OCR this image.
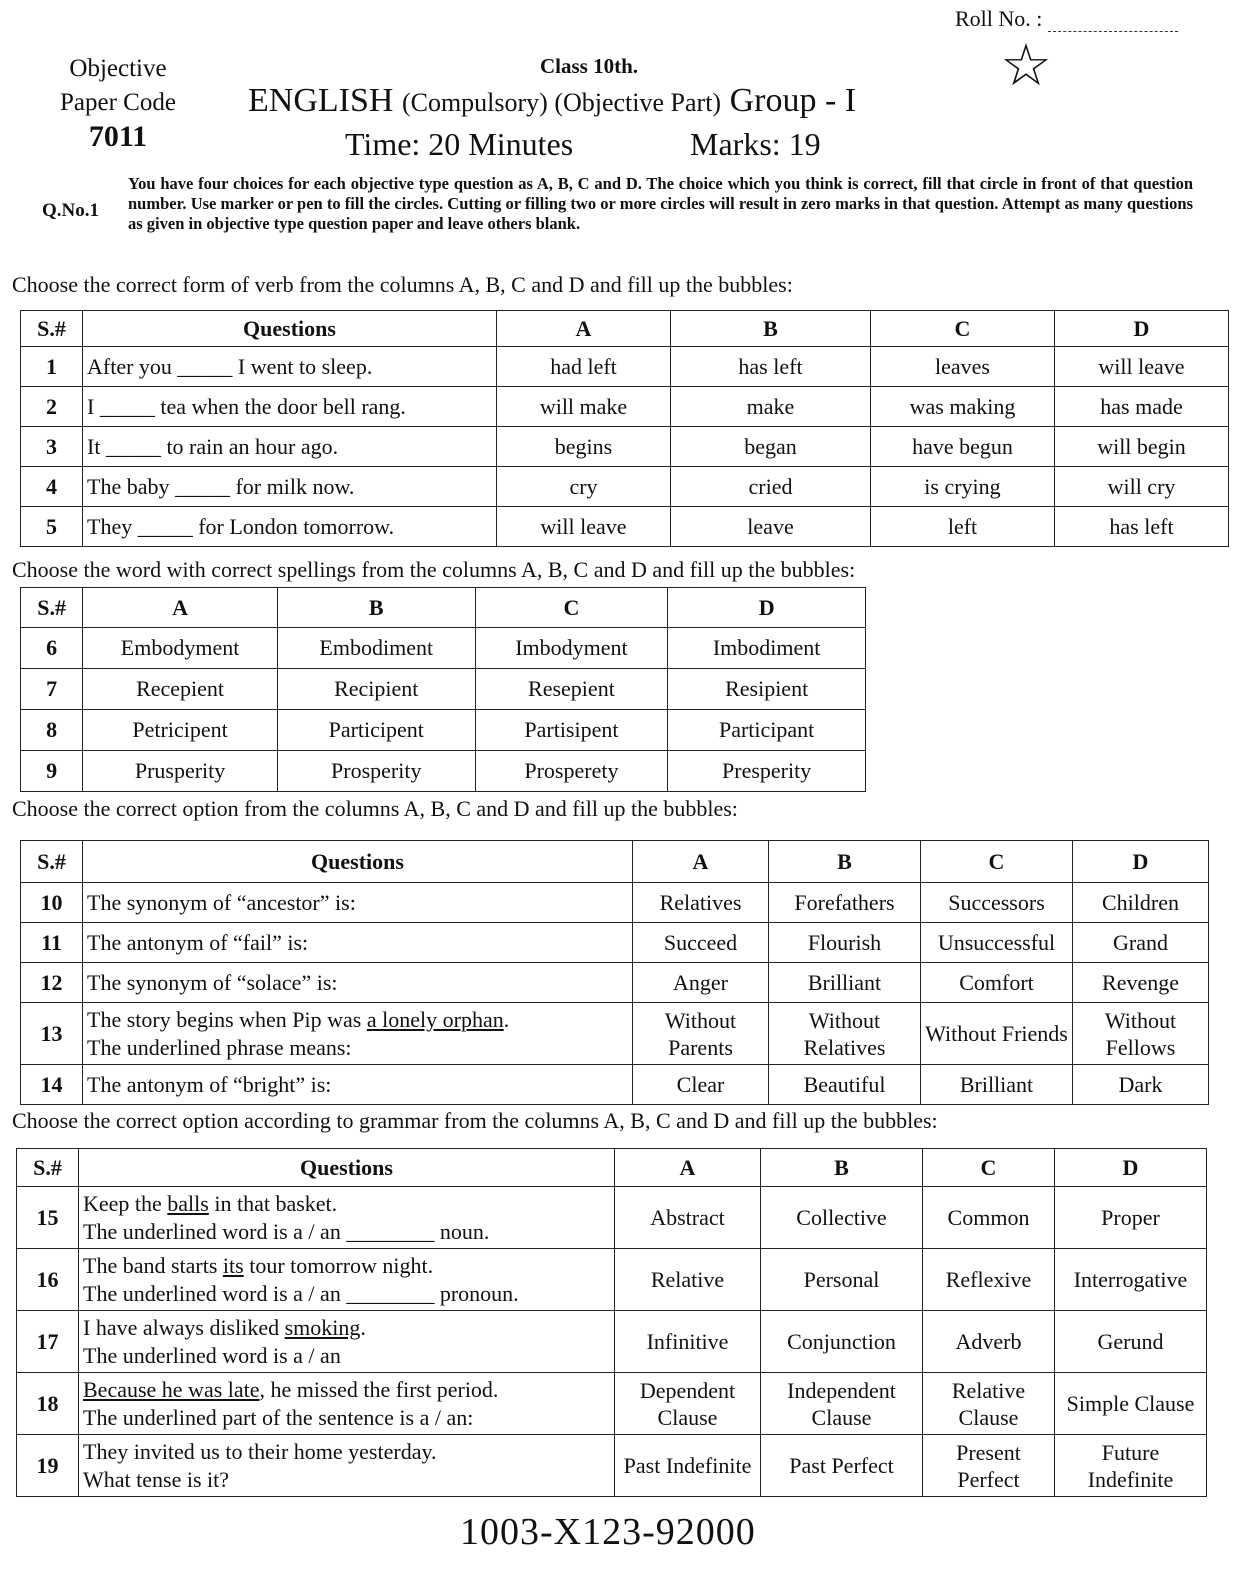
Roll No. :
☆
Objective
Paper Code
7011
Class 10th.
ENGLISH (Compulsory) (Objective Part) Group - I
Time: 20 Minutes	Marks: 19
Q.No.1
You have four choices for each objective type question as A, B, C and D. The choice which you think is correct, fill that circle in front of that question number. Use marker or pen to fill the circles. Cutting or filling two or more circles will result in zero marks in that question. Attempt as many questions as given in objective type question paper and leave others blank.
Choose the correct form of verb from the columns A, B, C and D and fill up the bubbles:
S.#	Questions	A	B	C	D
1	After you _____ I went to sleep.	had left	has left	leaves	will leave
2	I _____ tea when the door bell rang.	will make	make	was making	has made
3	It _____ to rain an hour ago.	begins	began	have begun	will begin
4	The baby _____ for milk now.	cry	cried	is crying	will cry
5	They _____ for London tomorrow.	will leave	leave	left	has left
Choose the word with correct spellings from the columns A, B, C and D and fill up the bubbles:
S.#	A	B	C	D
6	Embodyment	Embodiment	Imbodyment	Imbodiment
7	Recepient	Recipient	Resepient	Resipient
8	Petricipent	Participent	Partisipent	Participant
9	Prusperity	Prosperity	Prosperety	Presperity
Choose the correct option from the columns A, B, C and D and fill up the bubbles:
S.#	Questions	A	B	C	D
10	The synonym of “ancestor” is:	Relatives	Forefathers	Successors	Children
11	The antonym of “fail” is:	Succeed	Flourish	Unsuccessful	Grand
12	The synonym of “solace” is:	Anger	Brilliant	Comfort	Revenge
13	The story begins when Pip was a lonely orphan.
The underlined phrase means:	Without Parents	Without Relatives	Without Friends	Without Fellows
14	The antonym of “bright” is:	Clear	Beautiful	Brilliant	Dark
Choose the correct option according to grammar from the columns A, B, C and D and fill up the bubbles:
S.#	Questions	A	B	C	D
15	Keep the balls in that basket.
The underlined word is a / an ________ noun.	Abstract	Collective	Common	Proper
16	The band starts its tour tomorrow night.
The underlined word is a / an ________ pronoun.	Relative	Personal	Reflexive	Interrogative
17	I have always disliked smoking.
The underlined word is a / an	Infinitive	Conjunction	Adverb	Gerund
18	Because he was late, he missed the first period.
The underlined part of the sentence is a / an:	Dependent Clause	Independent Clause	Relative Clause	Simple Clause
19	They invited us to their home yesterday.
What tense is it?	Past Indefinite	Past Perfect	Present Perfect	Future Indefinite
1003-X123-92000
